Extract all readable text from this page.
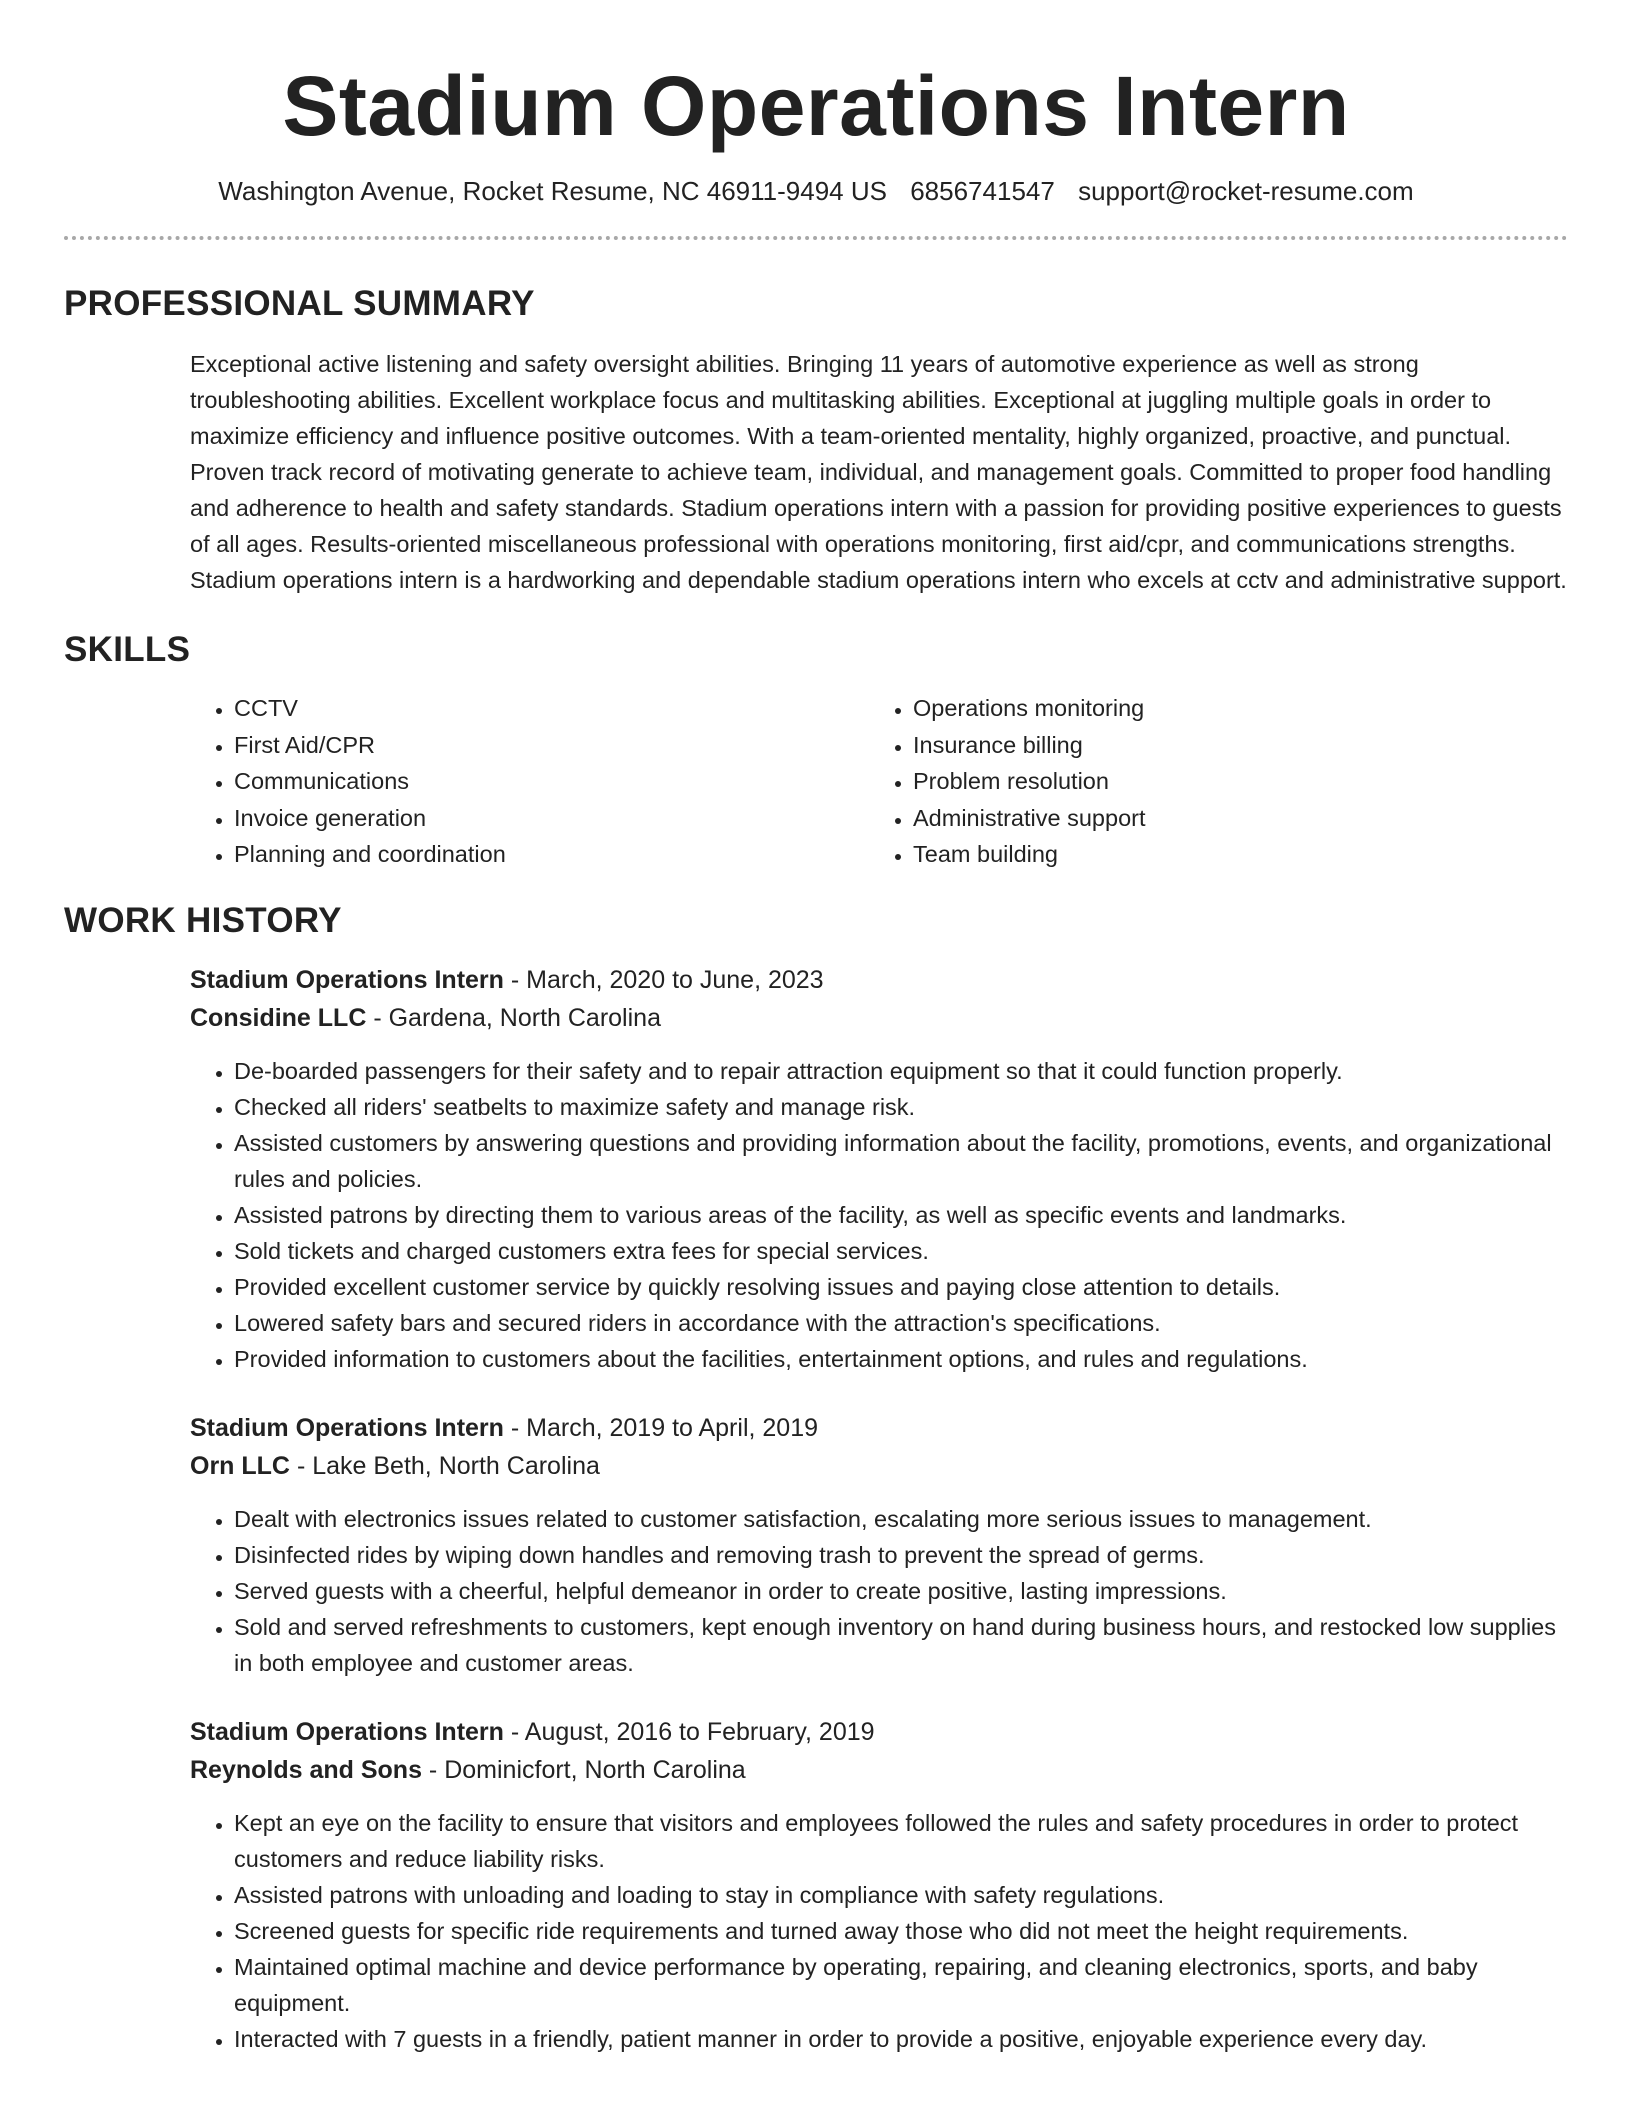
Stadium Operations Intern
Washington Avenue, Rocket Resume, NC 46911-9494 US 6856741547 support@rocket-resume.com
PROFESSIONAL SUMMARY

Exceptional active listening and safety oversight abilities. Bringing 11 years of automotive experience as well as strong troubleshooting abilities. Excellent workplace focus and multitasking abilities. Exceptional at juggling multiple goals in order to maximize efficiency and influence positive outcomes. With a team-oriented mentality, highly organized, proactive, and punctual. Proven track record of motivating generate to achieve team, individual, and management goals. Committed to proper food handling and adherence to health and safety standards. Stadium operations intern with a passion for providing positive experiences to guests of all ages. Results-oriented miscellaneous professional with operations monitoring, first aid/cpr, and communications strengths. Stadium operations intern is a hardworking and dependable stadium operations intern who excels at cctv and administrative support.

SKILLS
• CCTV
• First Aid/CPR
• Communications
• Invoice generation
• Planning and coordination
• Operations monitoring
• Insurance billing
• Problem resolution
• Administrative support
• Team building
WORK HISTORY
Stadium Operations Intern - March, 2020 to June, 2023
Considine LLC - Gardena, North Carolina
• De-boarded passengers for their safety and to repair attraction equipment so that it could function properly.
• Checked all riders' seatbelts to maximize safety and manage risk.
• Assisted customers by answering questions and providing information about the facility, promotions, events, and organizational rules and policies.
• Assisted patrons by directing them to various areas of the facility, as well as specific events and landmarks.
• Sold tickets and charged customers extra fees for special services.
• Provided excellent customer service by quickly resolving issues and paying close attention to details.
• Lowered safety bars and secured riders in accordance with the attraction's specifications.
• Provided information to customers about the facilities, entertainment options, and rules and regulations.
Stadium Operations Intern - March, 2019 to April, 2019
Orn LLC - Lake Beth, North Carolina
• Dealt with electronics issues related to customer satisfaction, escalating more serious issues to management.
• Disinfected rides by wiping down handles and removing trash to prevent the spread of germs.
• Served guests with a cheerful, helpful demeanor in order to create positive, lasting impressions.
• Sold and served refreshments to customers, kept enough inventory on hand during business hours, and restocked low supplies in both employee and customer areas.
Stadium Operations Intern - August, 2016 to February, 2019
Reynolds and Sons - Dominicfort, North Carolina
• Kept an eye on the facility to ensure that visitors and employees followed the rules and safety procedures in order to protect customers and reduce liability risks.
• Assisted patrons with unloading and loading to stay in compliance with safety regulations.
• Screened guests for specific ride requirements and turned away those who did not meet the height requirements.
• Maintained optimal machine and device performance by operating, repairing, and cleaning electronics, sports, and baby equipment.
• Interacted with 7 guests in a friendly, patient manner in order to provide a positive, enjoyable experience every day.
